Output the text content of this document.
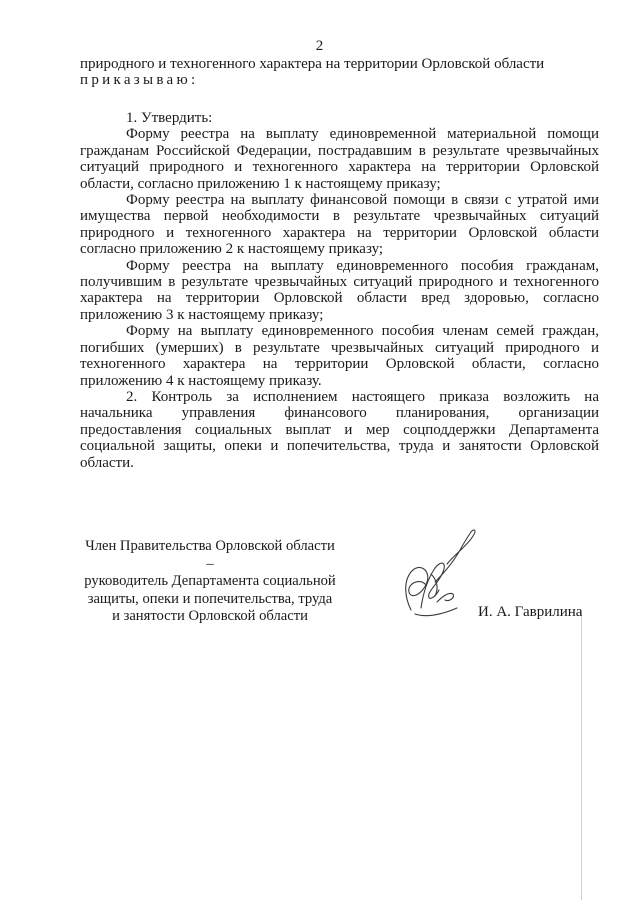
2

природного и техногенного характера на территории Орловской области

приказываю:

1. Утвердить:

Форму реестра на выплату единовременной материальной помощи гражданам Российской Федерации, пострадавшим в результате чрезвычайных ситуаций природного и техногенного характера на территории Орловской области, согласно приложению 1 к настоящему приказу;

Форму реестра на выплату финансовой помощи в связи с утратой ими имущества первой необходимости в результате чрезвычайных ситуаций природного и техногенного характера на территории Орловской области согласно приложению 2 к настоящему приказу;

Форму реестра на выплату единовременного пособия гражданам, получившим в результате чрезвычайных ситуаций природного и техногенного характера на территории Орловской области вред здоровью, согласно приложению 3 к настоящему приказу;

Форму на выплату единовременного пособия членам семей граждан, погибших (умерших) в результате чрезвычайных ситуаций природного и техногенного характера на территории Орловской области, согласно приложению 4 к настоящему приказу.

2. Контроль за исполнением настоящего приказа возложить на начальника управления финансового планирования, организации предоставления социальных выплат и мер соцподдержки Департамента социальной защиты, опеки и попечительства, труда и занятости Орловской области.

Член Правительства Орловской области –

руководитель Департамента социальной

защиты, опеки и попечительства, труда

и занятости Орловской области	И. А. Гаврилина
